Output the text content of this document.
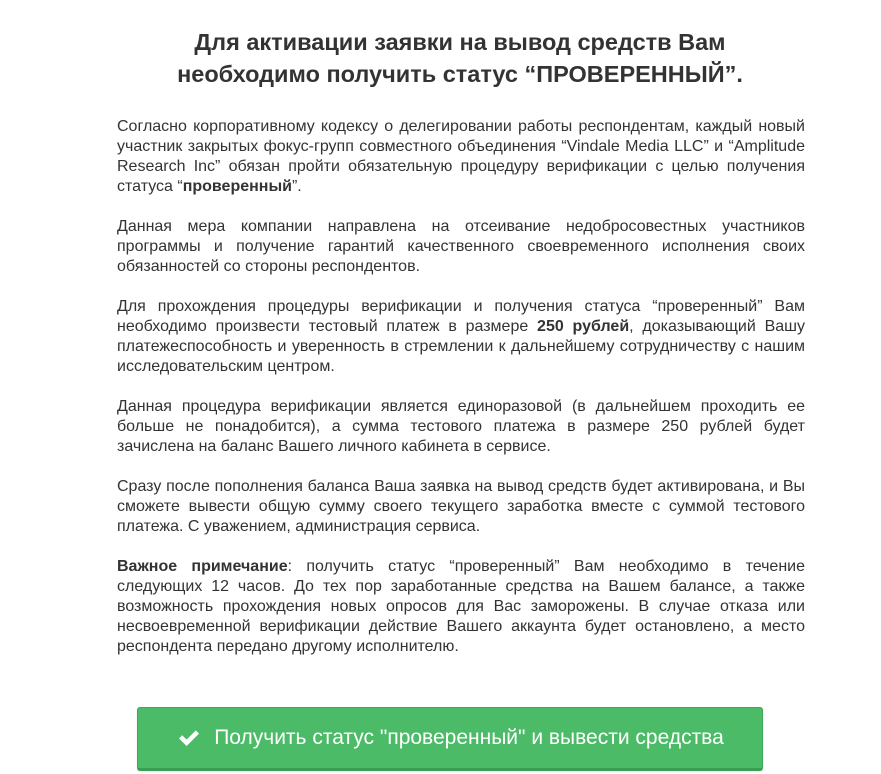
Для активации заявки на вывод средств Вам
необходимо получить статус “ПРОВЕРЕННЫЙ”.

Согласно корпоративному кодексу о делегировании работы респондентам, каждый новый участник закрытых фокус-групп совместного объединения “Vindale Media LLC” и “Amplitude Research Inc” обязан пройти обязательную процедуру верификации с целью получения статуса “проверенный”.

Данная мера компании направлена на отсеивание недобросовестных участников программы и получение гарантий качественного своевременного исполнения своих обязанностей со стороны респондентов.

Для прохождения процедуры верификации и получения статуса “проверенный” Вам необходимо произвести тестовый платеж в размере 250 рублей, доказывающий Вашу платежеспособность и уверенность в стремлении к дальнейшему сотрудничеству с нашим исследовательским центром.

Данная процедура верификации является единоразовой (в дальнейшем проходить ее больше не понадобится), а сумма тестового платежа в размере 250 рублей будет зачислена на баланс Вашего личного кабинета в сервисе.

Сразу после пополнения баланса Ваша заявка на вывод средств будет активирована, и Вы сможете вывести общую сумму своего текущего заработка вместе с суммой тестового платежа. С уважением, администрация сервиса.

Важное примечание: получить статус “проверенный” Вам необходимо в течение следующих 12 часов. До тех пор заработанные средства на Вашем балансе, а также возможность прохождения новых опросов для Вас заморожены. В случае отказа или несвоевременной верификации действие Вашего аккаунта будет остановлено, а место респондента передано другому исполнителю.

Получить статус "проверенный" и вывести средства
